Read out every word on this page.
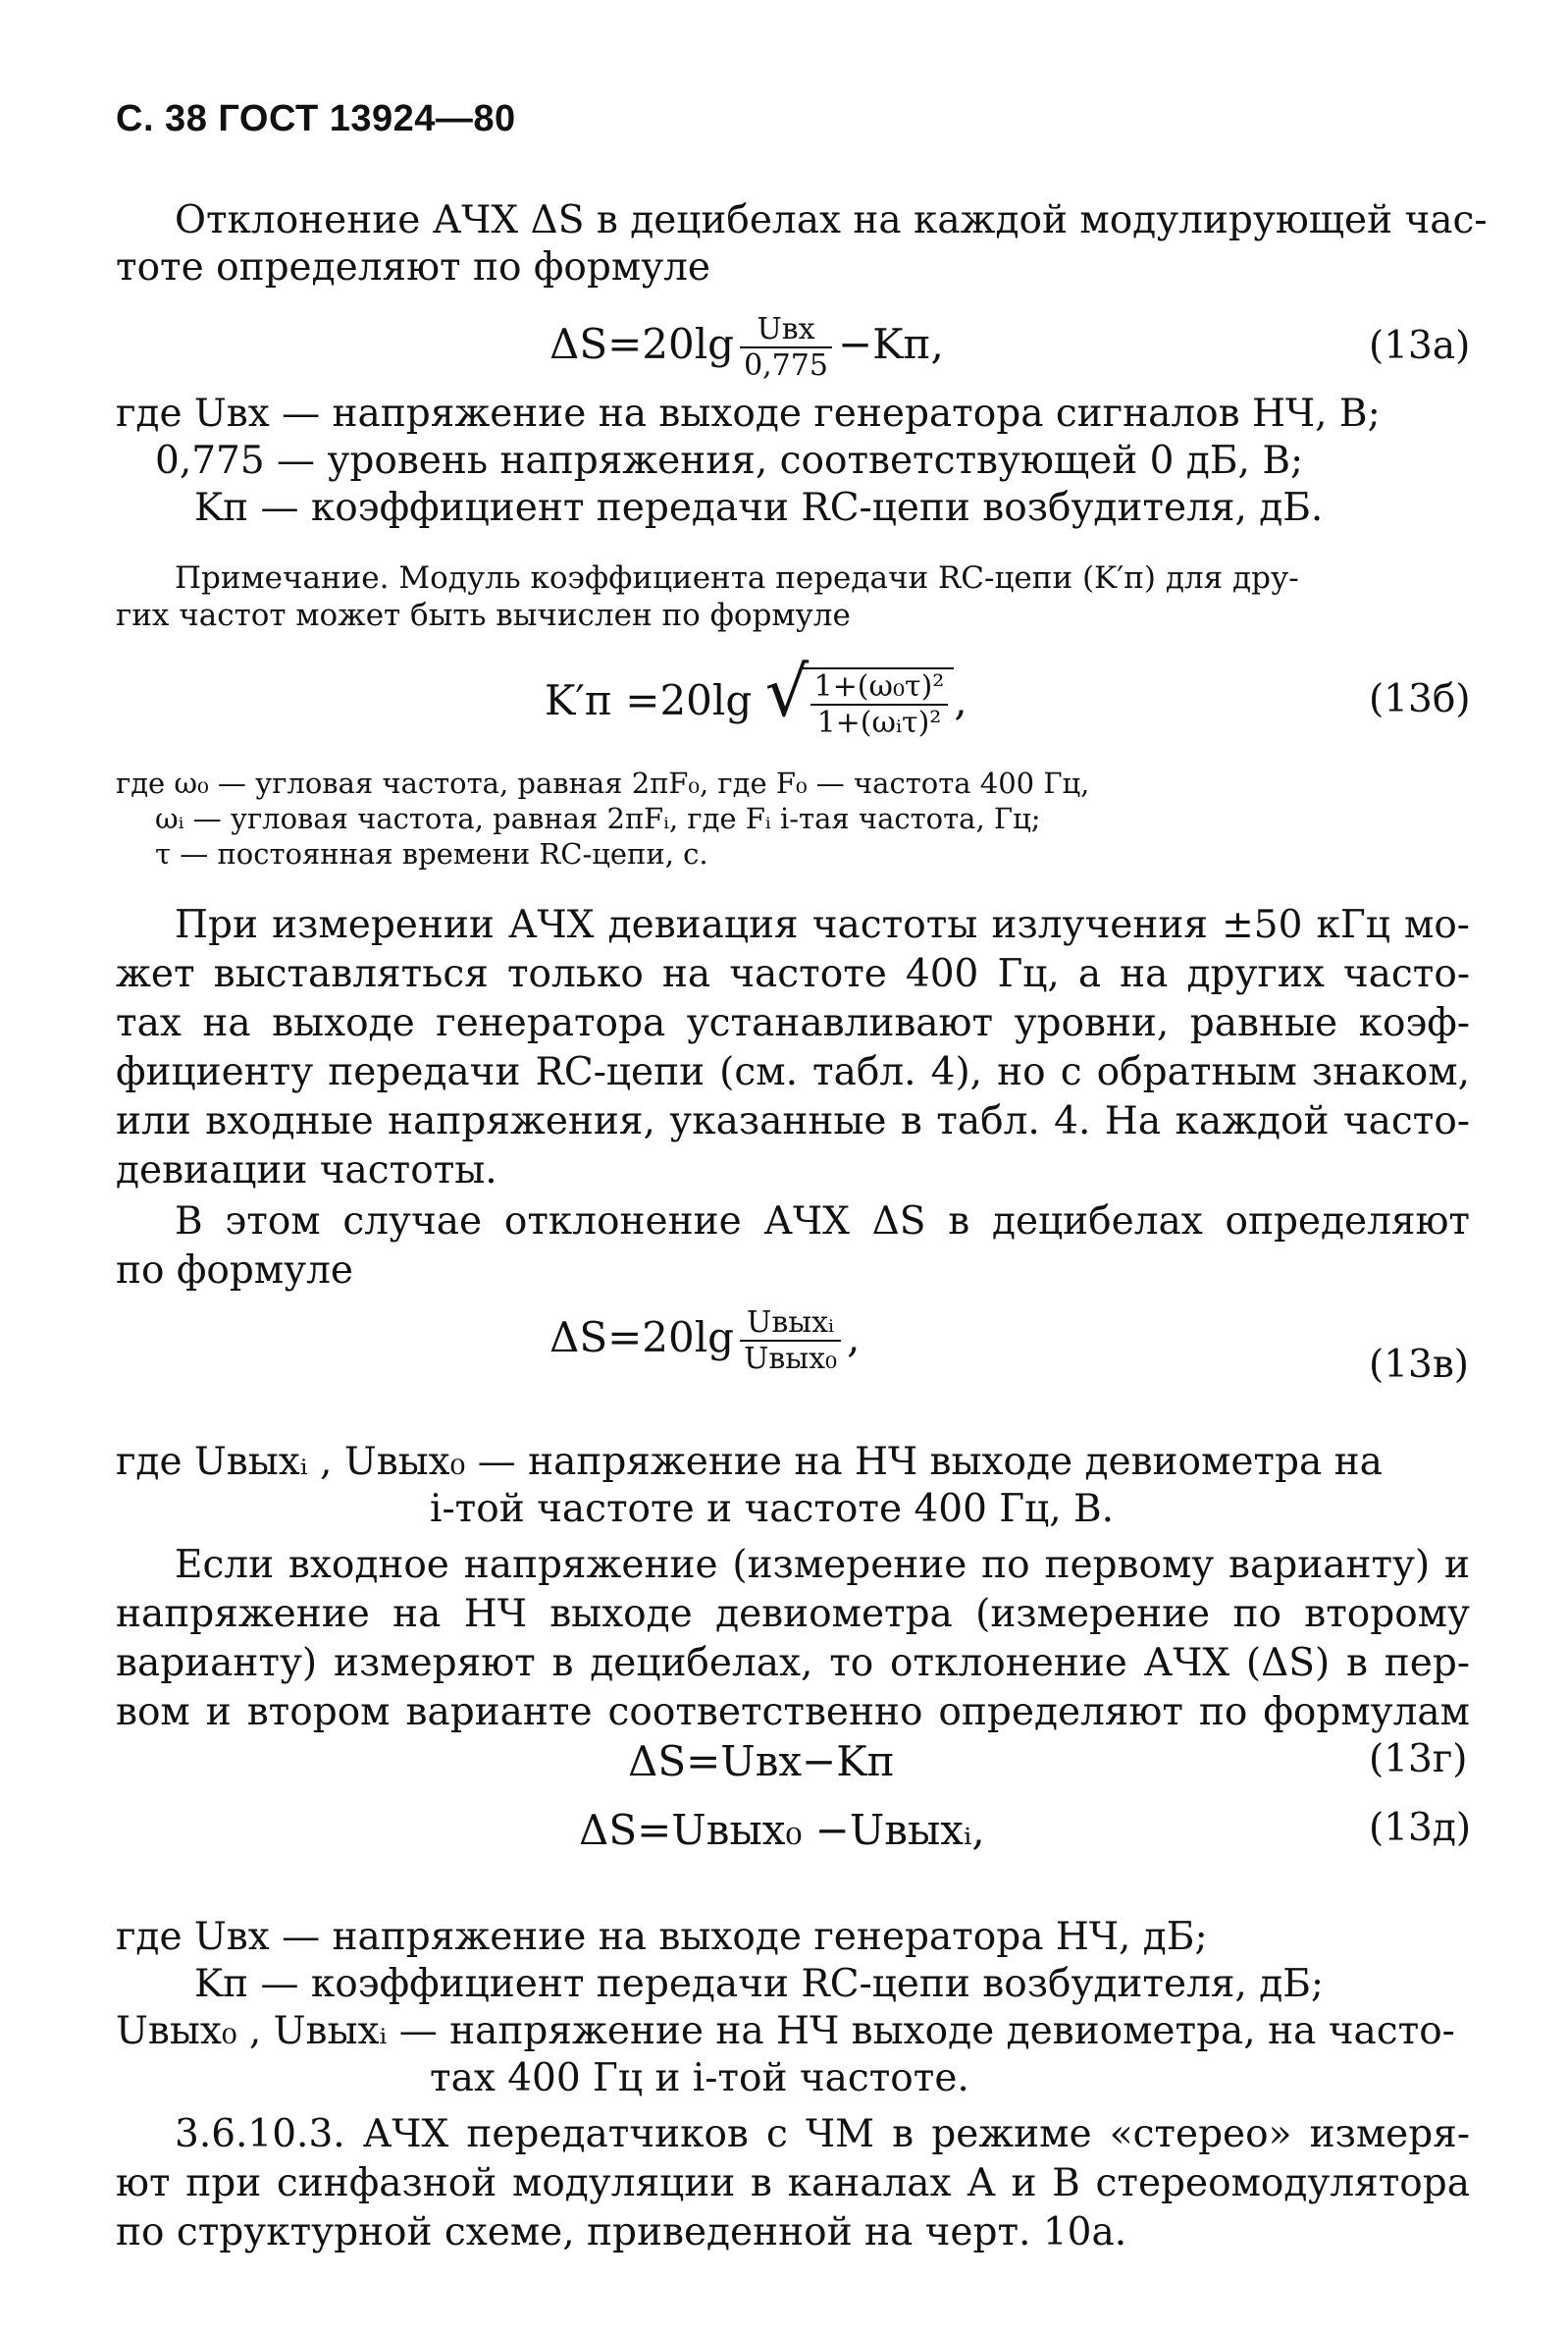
С. 38 ГОСТ 13924—80
Отклонение АЧХ ΔS в децибелах на каждой модулирующей час-
тоте определяют по формуле
$\Delta S=20\lg \frac{\text{Uвх}}{0,775} -Kп$,	(13а)
где Uвх — напряжение на выходе генератора сигналов НЧ, В;
0,775 — уровень напряжения, соответствующей 0 дБ, В;
Kп — коэффициент передачи RC-цепи возбудителя, дБ.
Примечание. Модуль коэффициента передачи RC-цепи (K′п) для дру-
гих частот может быть вычислен по формуле
K′п =20lg √ $\frac{\text{1+(ω₀τ)²}}{\text{1+(ωᵢτ)²}}$ ,	(13б)
где ω₀ — угловая частота, равная 2πF₀, где F₀ — частота 400 Гц,
ωᵢ — угловая частота, равная 2πFᵢ, где Fᵢ i-тая частота, Гц;
τ — постоянная времени RC-цепи, с.
При измерении АЧХ девиация частоты излучения ±50 кГц мо-
жет выставляться только на частоте 400 Гц, а на других часто-
тах на выходе генератора устанавливают уровни, равные коэф-
фициенту передачи RC-цепи (см. табл. 4), но с обратным знаком,
или входные напряжения, указанные в табл. 4. На каждой часто-
девиации частоты.
В этом случае отклонение АЧХ ΔS в децибелах определяют
по формуле
$\Delta S=20\lg \frac{\text{Uвыхᵢ}}{\text{Uвых₀}}$ ,
(13в)
где Uвыхᵢ , Uвых₀ — напряжение на НЧ выходе девиометра на
i-той частоте и частоте 400 Гц, В.
Если входное напряжение (измерение по первому варианту) и
напряжение на НЧ выходе девиометра (измерение по второму
варианту) измеряют в децибелах, то отклонение АЧХ (ΔS) в пер-
вом и втором варианте соответственно определяют по формулам
ΔS=Uвх−Kп	(13г)
ΔS=Uвых₀ −Uвыхᵢ,	(13д)
где Uвх — напряжение на выходе генератора НЧ, дБ;
Kп — коэффициент передачи RC-цепи возбудителя, дБ;
Uвых₀ , Uвыхᵢ — напряжение на НЧ выходе девиометра, на часто-
тах 400 Гц и i-той частоте.
3.6.10.3. АЧХ передатчиков с ЧМ в режиме «стерео» измеря-
ют при синфазной модуляции в каналах А и В стереомодулятора
по структурной схеме, приведенной на черт. 10а.
